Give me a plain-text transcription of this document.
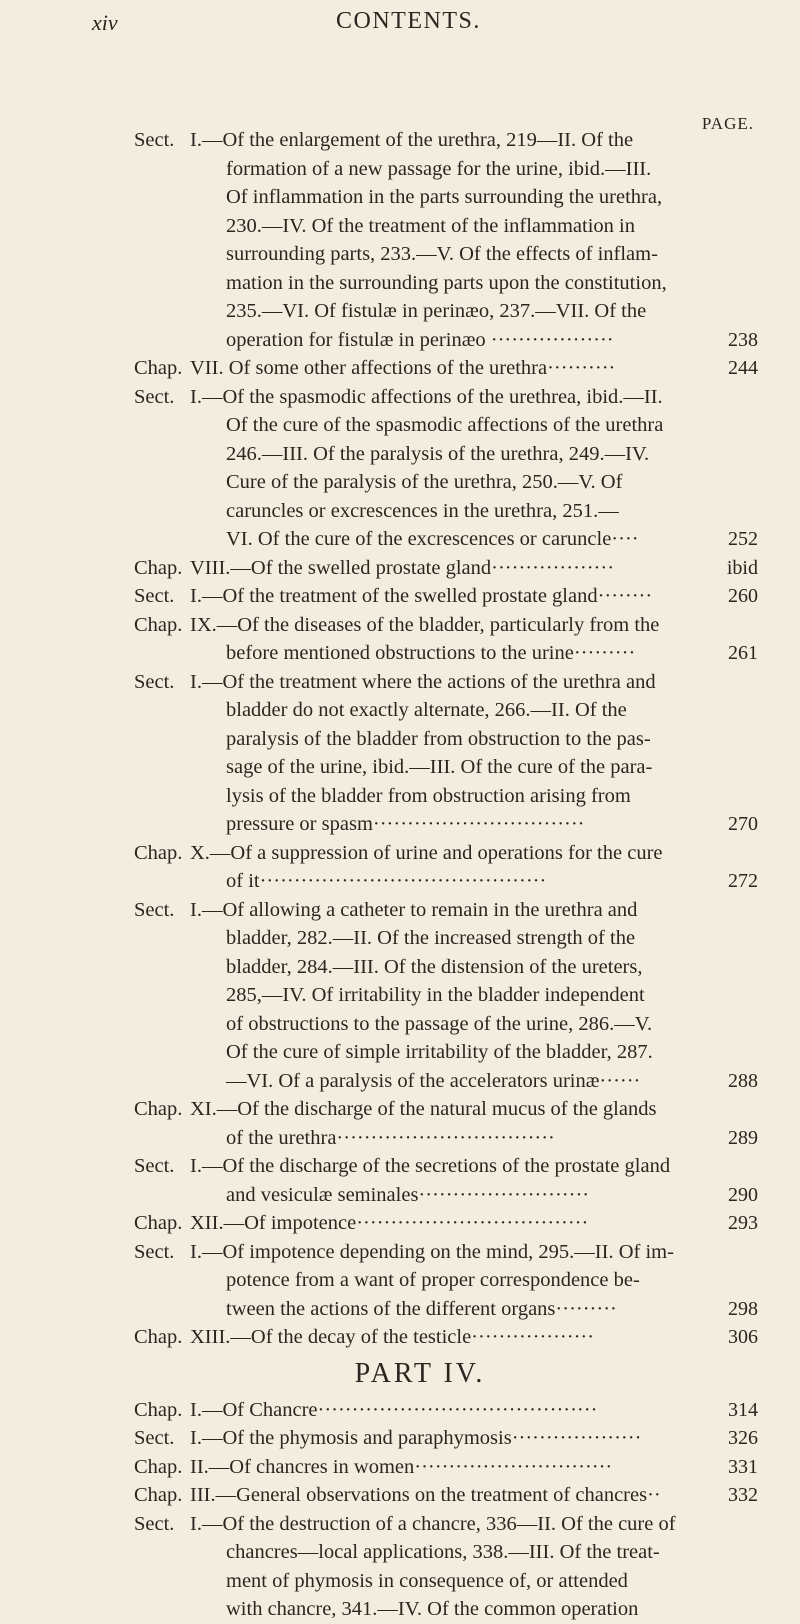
xiv	CONTENTS.
PAGE.
Sect. I.—Of the enlargement of the urethra, 219—II. Of the
formation of a new passage for the urine, ibid.—III.
Of inflammation in the parts surrounding the urethra,
230.—IV. Of the treatment of the inflammation in
surrounding parts, 233.—V. Of the effects of inflam-
mation in the surrounding parts upon the constitution,
235.—VI. Of fistulæ in perinæo, 237.—VII. Of the
operation for fistulæ in perinæo ··················	238
Chap. VII. Of some other affections of the urethra··········	244
Sect. I.—Of the spasmodic affections of the urethrea, ibid.—II.
Of the cure of the spasmodic affections of the urethra
246.—III. Of the paralysis of the urethra, 249.—IV.
Cure of the paralysis of the urethra, 250.—V. Of
caruncles or excrescences in the urethra, 251.—
VI. Of the cure of the excrescences or caruncle····	252
Chap. VIII.—Of the swelled prostate gland··················	ibid
Sect. I.—Of the treatment of the swelled prostate gland········	260
Chap. IX.—Of the diseases of the bladder, particularly from the
before mentioned obstructions to the urine·········	261
Sect. I.—Of the treatment where the actions of the urethra and
bladder do not exactly alternate, 266.—II. Of the
paralysis of the bladder from obstruction to the pas-
sage of the urine, ibid.—III. Of the cure of the para-
lysis of the bladder from obstruction arising from
pressure or spasm·······························	270
Chap. X.—Of a suppression of urine and operations for the cure
of it··········································	272
Sect. I.—Of allowing a catheter to remain in the urethra and
bladder, 282.—II. Of the increased strength of the
bladder, 284.—III. Of the distension of the ureters,
285,—IV. Of irritability in the bladder independent
of obstructions to the passage of the urine, 286.—V.
Of the cure of simple irritability of the bladder, 287.
—VI. Of a paralysis of the accelerators urinæ······	288
Chap. XI.—Of the discharge of the natural mucus of the glands
of the urethra································	289
Sect. I.—Of the discharge of the secretions of the prostate gland
and vesiculæ seminales·························	290
Chap. XII.—Of impotence··································	293
Sect. I.—Of impotence depending on the mind, 295.—II. Of im-
potence from a want of proper correspondence be-
tween the actions of the different organs·········	298
Chap. XIII.—Of the decay of the testicle··················	306
PART IV.
Chap. I.—Of Chancre·········································	314
Sect. I.—Of the phymosis and paraphymosis···················	326
Chap. II.—Of chancres in women·····························	331
Chap. III.—General observations on the treatment of chancres··	332
Sect. I.—Of the destruction of a chancre, 336—II. Of the cure of
chancres—local applications, 338.—III. Of the treat-
ment of phymosis in consequence of, or attended
with chancre, 341.—IV. Of the common operation
